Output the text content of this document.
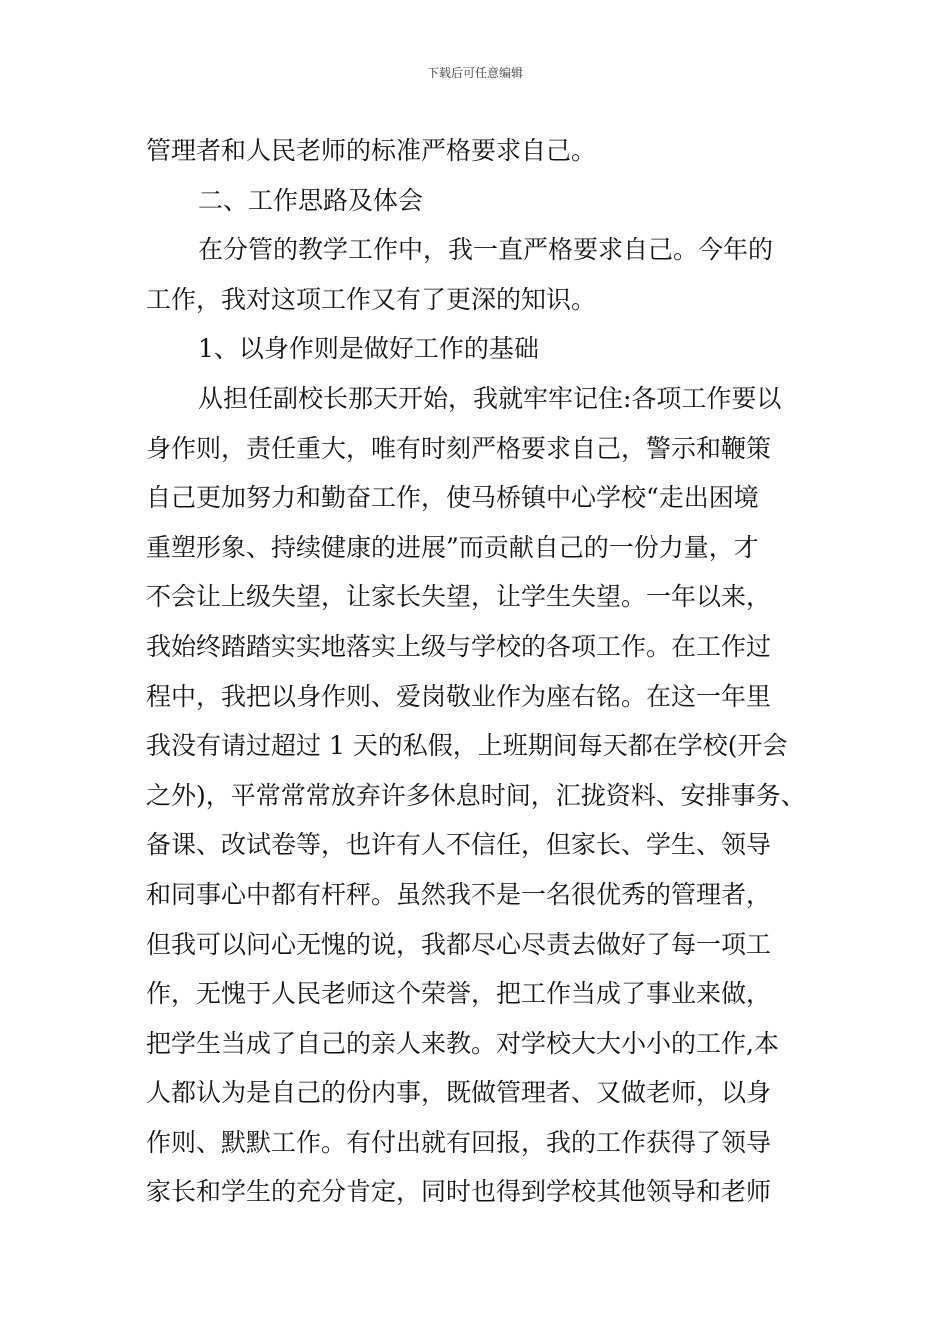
下载后可任意编辑
管理者和人民老师的标准严格要求自己。
二、工作思路及体会
在分管的教学工作中，我一直严格要求自己。今年的
工作，我对这项工作又有了更深的知识。
1、以身作则是做好工作的基础
从担任副校长那天开始，我就牢牢记住:各项工作要以
身作则，责任重大，唯有时刻严格要求自己，警示和鞭策
自己更加努力和勤奋工作，使马桥镇中心学校“走出困境
重塑形象、持续健康的进展”而贡献自己的一份力量，才
不会让上级失望，让家长失望，让学生失望。一年以来，
我始终踏踏实实地落实上级与学校的各项工作。在工作过
程中，我把以身作则、爱岗敬业作为座右铭。在这一年里
我没有请过超过 1 天的私假，上班期间每天都在学校(开会
之外)，平常常常放弃许多休息时间，汇拢资料、安排事务、
备课、改试卷等，也许有人不信任，但家长、学生、领导
和同事心中都有杆秤。虽然我不是一名很优秀的管理者，
但我可以问心无愧的说，我都尽心尽责去做好了每一项工
作，无愧于人民老师这个荣誉，把工作当成了事业来做，
把学生当成了自己的亲人来教。对学校大大小小的工作,本
人都认为是自己的份内事，既做管理者、又做老师，以身
作则、默默工作。有付出就有回报，我的工作获得了领导
家长和学生的充分肯定，同时也得到学校其他领导和老师
